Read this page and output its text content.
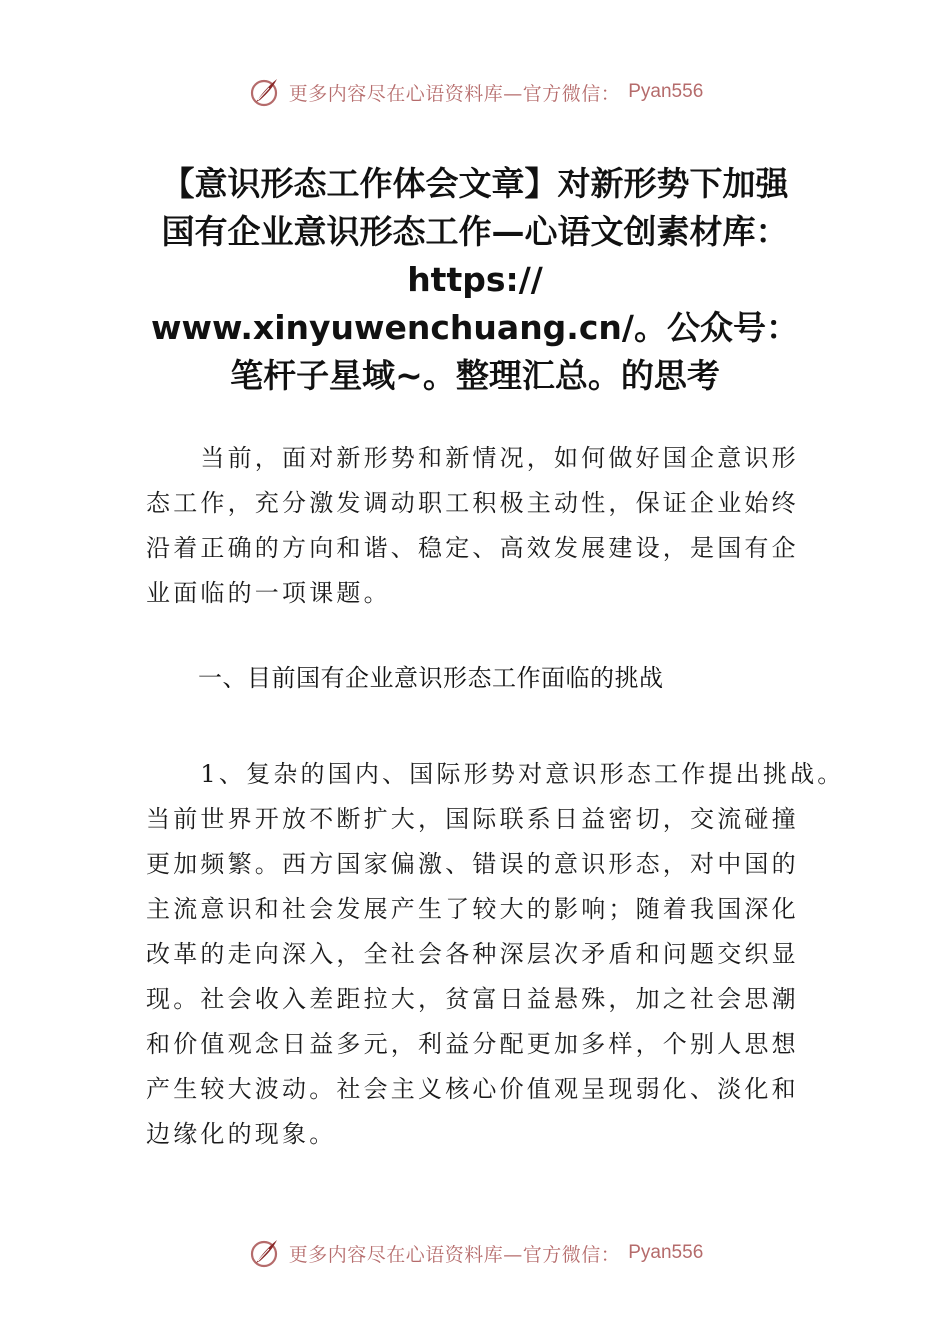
更多内容尽在心语资料库—官方微信： Pyan556
【意识形态工作体会文章】对新形势下加强
国有企业意识形态工作—心语文创素材库：
https://
www.xinyuwenchuang.cn/。公众号：
笔杆子星域~。整理汇总。的思考
　　当前，面对新形势和新情况，如何做好国企意识形
态工作，充分激发调动职工积极主动性，保证企业始终
沿着正确的方向和谐、稳定、高效发展建设，是国有企
业面临的一项课题。
一、目前国有企业意识形态工作面临的挑战
　　1、复杂的国内、国际形势对意识形态工作提出挑战。
当前世界开放不断扩大，国际联系日益密切，交流碰撞
更加频繁。西方国家偏激、错误的意识形态，对中国的
主流意识和社会发展产生了较大的影响；随着我国深化
改革的走向深入，全社会各种深层次矛盾和问题交织显
现。社会收入差距拉大，贫富日益悬殊，加之社会思潮
和价值观念日益多元，利益分配更加多样，个别人思想
产生较大波动。社会主义核心价值观呈现弱化、淡化和
边缘化的现象。
更多内容尽在心语资料库—官方微信： Pyan556
